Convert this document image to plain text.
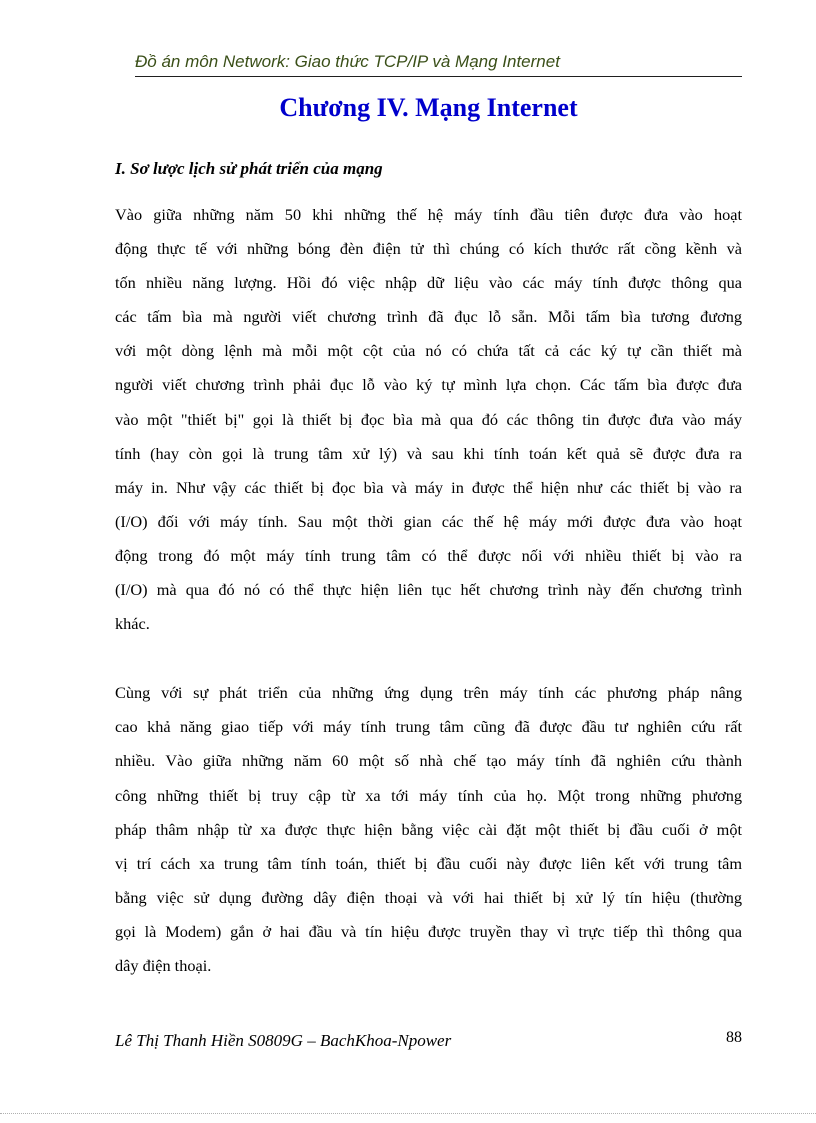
Đồ án môn Network: Giao thức TCP/IP và Mạng Internet
Chương IV. Mạng Internet
I. Sơ lược lịch sử phát triển của mạng
Vào giữa những năm 50 khi những thế hệ máy tính đầu tiên được đưa vào hoạt
động thực tế với những bóng đèn điện tử thì chúng có kích thước rất cồng kềnh và
tốn nhiều năng lượng. Hồi đó việc nhập dữ liệu vào các máy tính được thông qua
các tấm bìa mà người viết chương trình đã đục lỗ sẵn. Mỗi tấm bìa tương đương
với một dòng lệnh mà mỗi một cột của nó có chứa tất cả các ký tự cần thiết mà
người viết chương trình phải đục lỗ vào ký tự mình lựa chọn. Các tấm bìa được đưa
vào một "thiết bị" gọi là thiết bị đọc bìa mà qua đó các thông tin được đưa vào máy
tính (hay còn gọi là trung tâm xử lý) và sau khi tính toán kết quả sẽ được đưa ra
máy in. Như vậy các thiết bị đọc bìa và máy in được thể hiện như các thiết bị vào ra
(I/O) đối với máy tính. Sau một thời gian các thế hệ máy mới được đưa vào hoạt
động trong đó một máy tính trung tâm có thể được nối với nhiều thiết bị vào ra
(I/O) mà qua đó nó có thể thực hiện liên tục hết chương trình này đến chương trình
khác.
Cùng với sự phát triển của những ứng dụng trên máy tính các phương pháp nâng
cao khả năng giao tiếp với máy tính trung tâm cũng đã được đầu tư nghiên cứu rất
nhiều. Vào giữa những năm 60 một số nhà chế tạo máy tính đã nghiên cứu thành
công những thiết bị truy cập từ xa tới máy tính của họ. Một trong những phương
pháp thâm nhập từ xa được thực hiện bằng việc cài đặt một thiết bị đầu cuối ở một
vị trí cách xa trung tâm tính toán, thiết bị đầu cuối này được liên kết với trung tâm
bằng việc sử dụng đường dây điện thoại và với hai thiết bị xử lý tín hiệu (thường
gọi là Modem) gắn ở hai đầu và tín hiệu được truyền thay vì trực tiếp thì thông qua
dây điện thoại.
Lê Thị Thanh Hiền S0809G – BachKhoa-Npower	88
